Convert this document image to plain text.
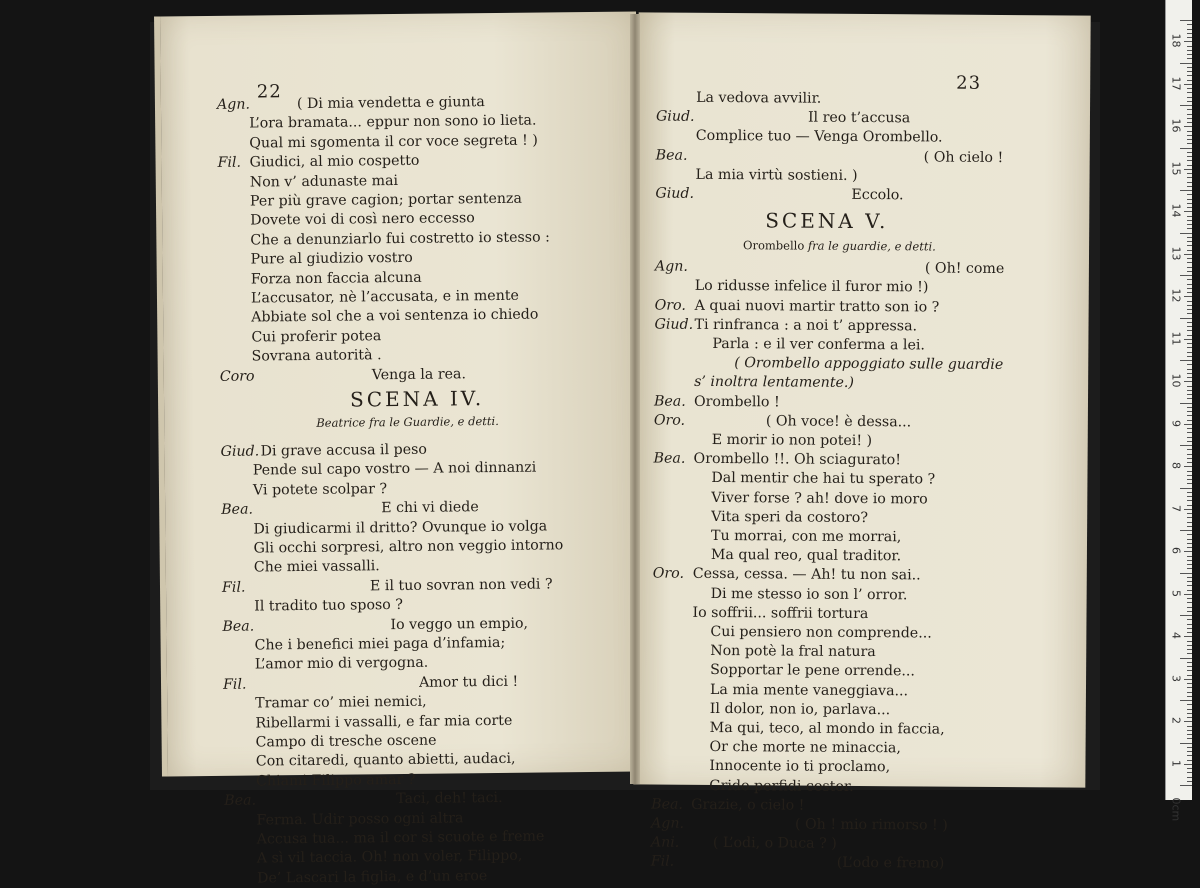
22
Agn.	( Di mia vendetta e giunta
L’ora bramata... eppur non sono io lieta.
Qual mi sgomenta il cor voce segreta ! )
Fil. Giudici, al mio cospetto
Non v’ adunaste mai
Per più grave cagion; portar sentenza
Dovete voi di così nero eccesso
Che a denunziarlo fui costretto io stesso :
Pure al giudizio vostro
Forza non faccia alcuna
L’accusator, nè l’accusata, e in mente
Abbiate sol che a voi sentenza io chiedo
Cui proferir potea
Sovrana autorità .
Coro	Venga la rea.
SCENA IV.
Beatrice fra le Guardie, e detti.
Giud. Di grave accusa il peso
Pende sul capo vostro — A noi dinnanzi
Vi potete scolpar ?
Bea.	E chi vi diede
Di giudicarmi il dritto? Ovunque io volga
Gli occhi sorpresi, altro non veggio intorno
Che miei vassalli.
Fil.	E il tuo sovran non vedi ?
Il tradito tuo sposo ?
Bea.	Io veggo un empio,
Che i benefici miei paga d’infamia;
L’amor mio di vergogna.
Fil.	Amor tu dici !
Tramar co’ miei nemici,
Ribellarmi i vassalli, e far mia corte
Campo di tresche oscene
Con citaredi, quanto abietti, audaci,
Chiami Filippo amar ?
Bea.	Taci, deh! taci.
Ferma. Udir posso ogni altra
Accusa tua... ma il cor si scuote e freme
A sì vil taccia. Oh! non voler, Filippo,
De’ Lascari la figlia, e d’un eroe
23
La vedova avvilir.
Giud.	Il reo t’accusa
Complice tuo — Venga Orombello.
Bea.	( Oh cielo !
La mia virtù sostieni. )
Giud.	Eccolo.
SCENA V.
Orombello fra le guardie, e detti.
Agn.	( Oh! come
Lo ridusse infelice il furor mio !)
Oro. A quai nuovi martir tratto son io ?
Giud. Ti rinfranca : a noi t’ appressa.
Parla : e il ver conferma a lei.
( Orombello appoggiato sulle guardie
s’ inoltra lentamente.)
Bea. Orombello !
Oro.	( Oh voce! è dessa...
E morir io non potei! )
Bea. Orombello !!. Oh sciagurato!
Dal mentir che hai tu sperato ?
Viver forse ? ah! dove io moro
Vita speri da costoro?
Tu morrai, con me morrai,
Ma qual reo, qual traditor.
Oro. Cessa, cessa. — Ah! tu non sai..
Di me stesso io son l’ orror.
Io soffrii... soffrii tortura
Cui pensiero non comprende...
Non potè la fral natura
Sopportar le pene orrende...
La mia mente vaneggiava...
Il dolor, non io, parlava...
Ma qui, teco, al mondo in faccia,
Or che morte ne minaccia,
Innocente io ti proclamo,
Grido perfidi costor.
Bea. Grazie, o cielo !
Agn.	( Oh ! mio rimorso ! )
Ani. ( L’odi, o Duca ? )
Fil.	(L’odo e fremo)
18
17
16
15
14
13
12
11
10
9
8
7
6
5
4
3
2
1
0cm
